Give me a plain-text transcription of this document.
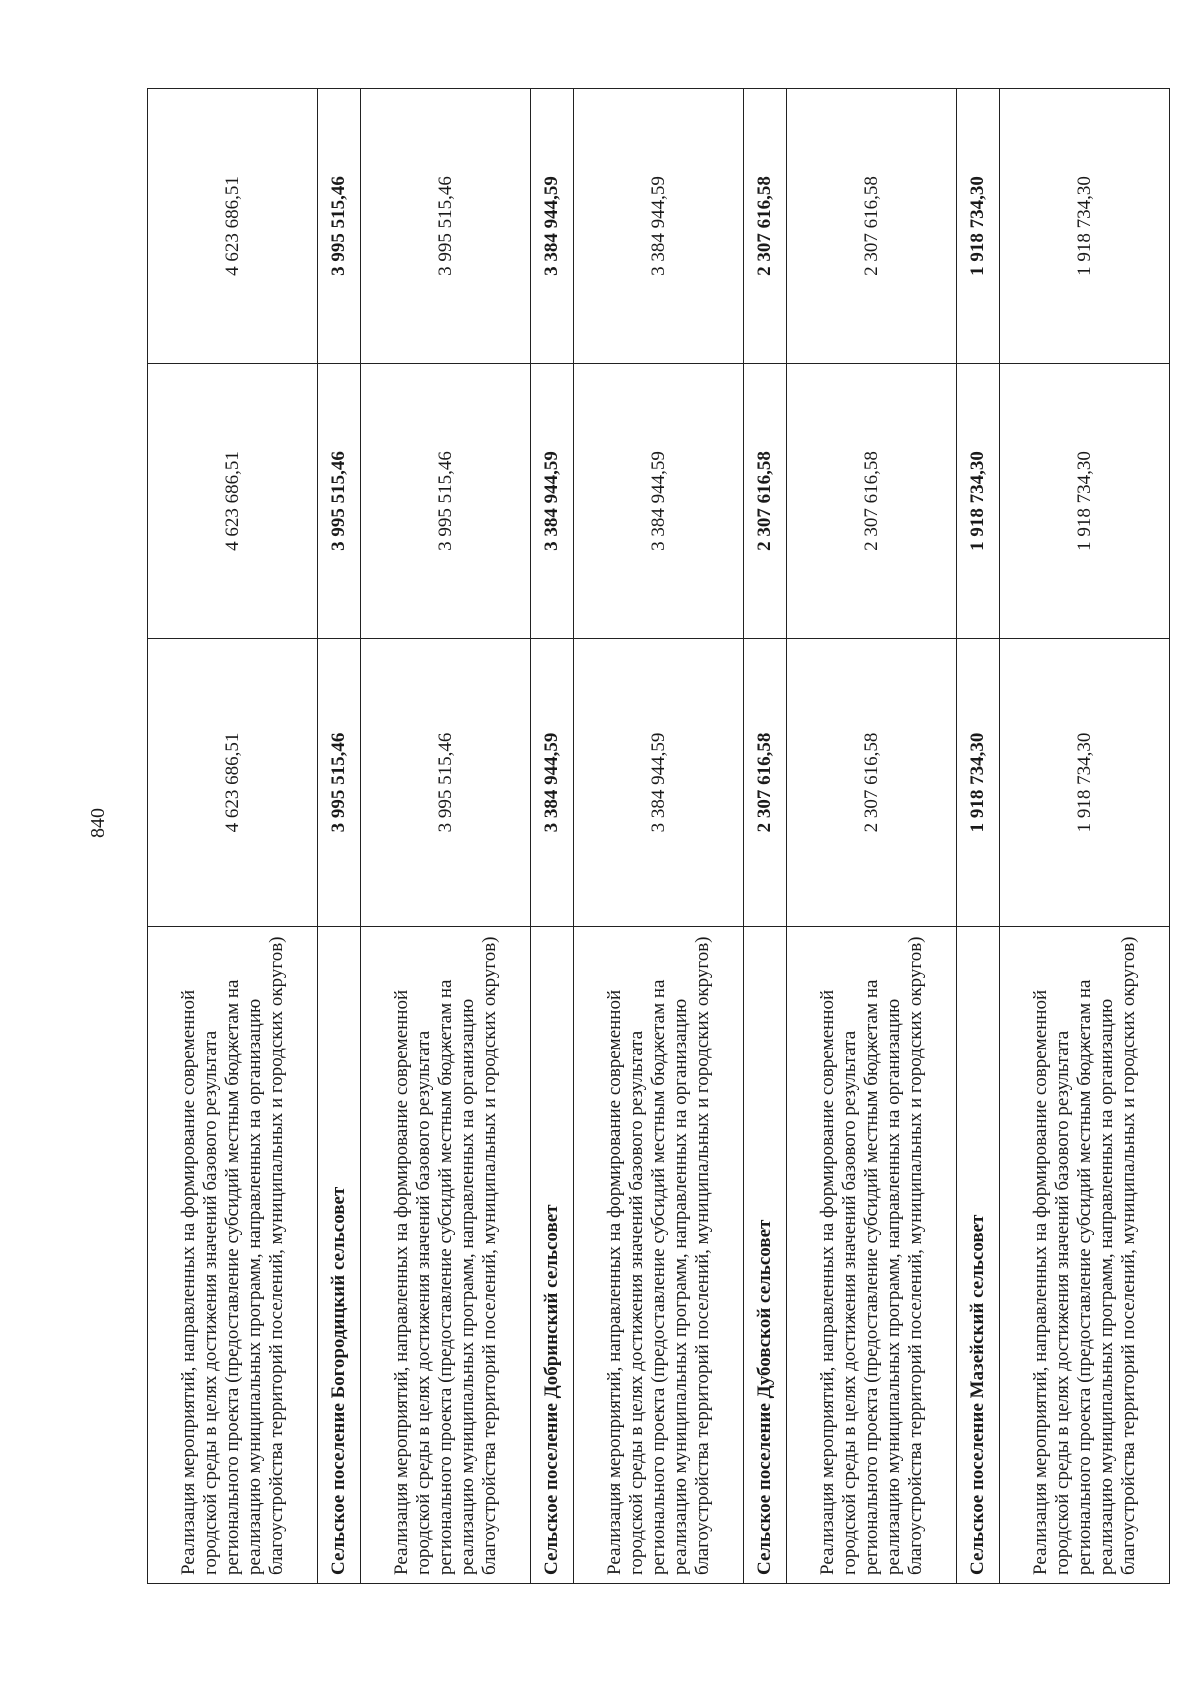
840
Реализация мероприятий, направленных на формирование современной городской среды в целях достижения значений базового результата регионального проекта (предоставление субсидий местным бюджетам на реализацию муниципальных программ, направленных на организацию благоустройства территорий поселений, муниципальных и городских округов)	4 623 686,51	4 623 686,51	4 623 686,51
Сельское поселение Богородицкий сельсовет	3 995 515,46	3 995 515,46	3 995 515,46
Реализация мероприятий, направленных на формирование современной городской среды в целях достижения значений базового результата регионального проекта (предоставление субсидий местным бюджетам на реализацию муниципальных программ, направленных на организацию благоустройства территорий поселений, муниципальных и городских округов)	3 995 515,46	3 995 515,46	3 995 515,46
Сельское поселение Добринский сельсовет	3 384 944,59	3 384 944,59	3 384 944,59
Реализация мероприятий, направленных на формирование современной городской среды в целях достижения значений базового результата регионального проекта (предоставление субсидий местным бюджетам на реализацию муниципальных программ, направленных на организацию благоустройства территорий поселений, муниципальных и городских округов)	3 384 944,59	3 384 944,59	3 384 944,59
Сельское поселение Дубовской сельсовет	2 307 616,58	2 307 616,58	2 307 616,58
Реализация мероприятий, направленных на формирование современной городской среды в целях достижения значений базового результата регионального проекта (предоставление субсидий местным бюджетам на реализацию муниципальных программ, направленных на организацию благоустройства территорий поселений, муниципальных и городских округов)	2 307 616,58	2 307 616,58	2 307 616,58
Сельское поселение Мазейский сельсовет	1 918 734,30	1 918 734,30	1 918 734,30
Реализация мероприятий, направленных на формирование современной городской среды в целях достижения значений базового результата регионального проекта (предоставление субсидий местным бюджетам на реализацию муниципальных программ, направленных на организацию благоустройства территорий поселений, муниципальных и городских округов)	1 918 734,30	1 918 734,30	1 918 734,30
